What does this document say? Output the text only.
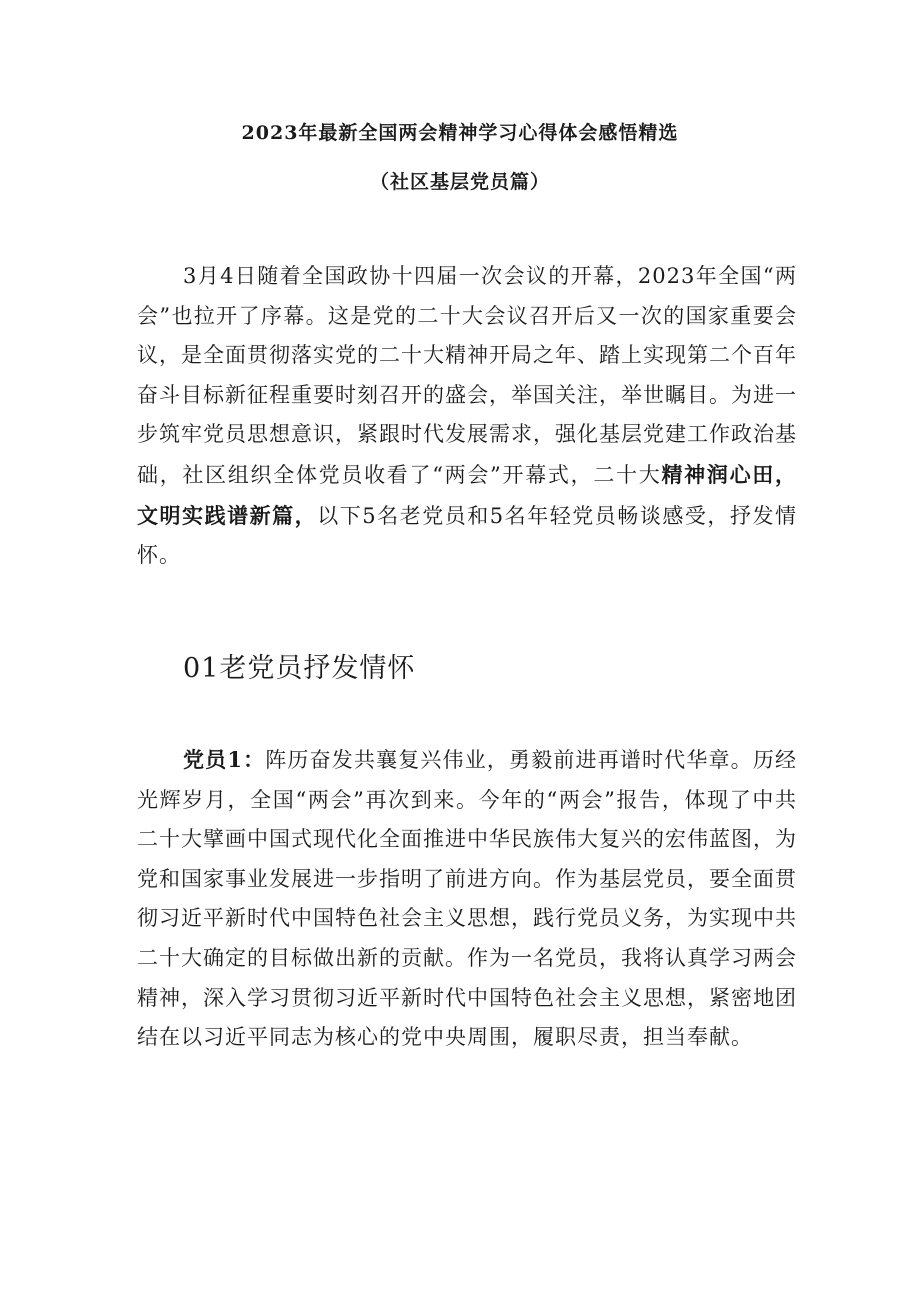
2023年最新全国两会精神学习心得体会感悟精选
（社区基层党员篇）

3月4日随着全国政协十四届一次会议的开幕，2023年全国“两会”也拉开了序幕。这是党的二十大会议召开后又一次的国家重要会议，是全面贯彻落实党的二十大精神开局之年、踏上实现第二个百年奋斗目标新征程重要时刻召开的盛会，举国关注，举世瞩目。为进一步筑牢党员思想意识，紧跟时代发展需求，强化基层党建工作政治基础，社区组织全体党员收看了“两会”开幕式，二十大精神润心田，文明实践谱新篇，以下5名老党员和5名年轻党员畅谈感受，抒发情怀。

01老党员抒发情怀

党员1：阵历奋发共襄复兴伟业，勇毅前进再谱时代华章。历经光辉岁月，全国“两会”再次到来。今年的“两会”报告，体现了中共二十大擘画中国式现代化全面推进中华民族伟大复兴的宏伟蓝图，为党和国家事业发展进一步指明了前进方向。作为基层党员，要全面贯彻习近平新时代中国特色社会主义思想，践行党员义务，为实现中共二十大确定的目标做出新的贡献。作为一名党员，我将认真学习两会精神，深入学习贯彻习近平新时代中国特色社会主义思想，紧密地团结在以习近平同志为核心的党中央周围，履职尽责，担当奉献。
